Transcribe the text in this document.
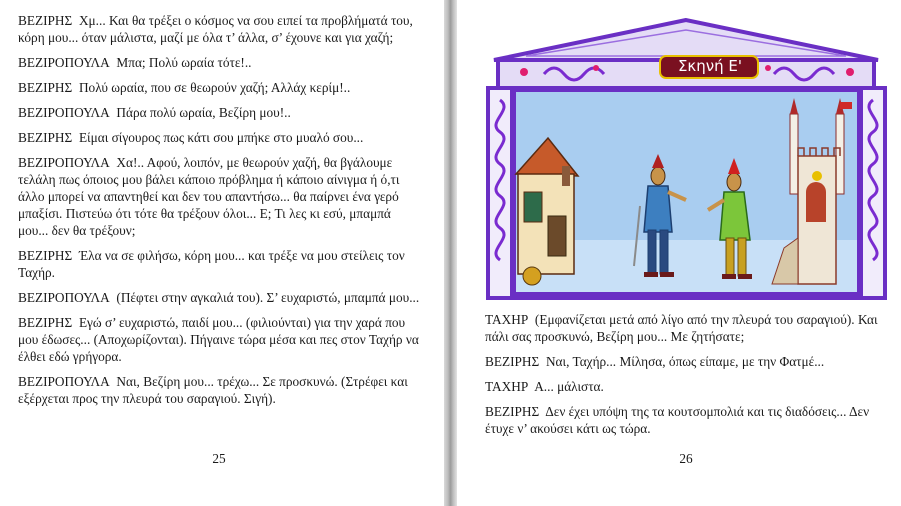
ΒΕΖΙΡΗΣ Χμ... Και θα τρέξει ο κόσμος να σου ειπεί τα προβλήματά του, κόρη μου... όταν μάλιστα, μαζί με όλα τ’ άλλα, σ’ έχουνε και για χαζή;

ΒΕΖΙΡΟΠΟΥΛΑ Μπα; Πολύ ωραία τότε!..

ΒΕΖΙΡΗΣ Πολύ ωραία, που σε θεωρούν χαζή; Αλλάχ κερίμ!..

ΒΕΖΙΡΟΠΟΥΛΑ Πάρα πολύ ωραία, Βεζίρη μου!..

ΒΕΖΙΡΗΣ Είμαι σίγουρος πως κάτι σου μπήκε στο μυαλό σου...

ΒΕΖΙΡΟΠΟΥΛΑ Χα!.. Αφού, λοιπόν, με θεωρούν χαζή, θα βγάλουμε τελάλη πως όποιος μου βάλει κάποιο πρόβλημα ή κάποιο αίνιγμα ή ό,τι άλλο μπορεί να απαντηθεί και δεν του απαντήσω... θα παίρνει ένα γερό μπαξίσι. Πιστεύω ότι τότε θα τρέξουν όλοι... Ε; Τι λες κι εσύ, μπαμπά μου... δεν θα τρέξουν;

ΒΕΖΙΡΗΣ Έλα να σε φιλήσω, κόρη μου... και τρέξε να μου στείλεις τον Ταχήρ.

ΒΕΖΙΡΟΠΟΥΛΑ (Πέφτει στην αγκαλιά του). Σ’ ευχαριστώ, μπαμπά μου...

ΒΕΖΙΡΗΣ Εγώ σ’ ευχαριστώ, παιδί μου... (φιλιούνται) για την χαρά που μου έδωσες... (Αποχωρίζονται). Πήγαινε τώρα μέσα και πες στον Ταχήρ να έλθει εδώ γρήγορα.

ΒΕΖΙΡΟΠΟΥΛΑ Ναι, Βεζίρη μου... τρέχω... Σε προσκυνώ. (Στρέφει και εξέρχεται προς την πλευρά του σαραγιού. Σιγή).

25
Σκηνή Ε'

ΤΑΧΗΡ (Εμφανίζεται μετά από λίγο από την πλευρά του σαραγιού). Και πάλι σας προσκυνώ, Βεζίρη μου... Με ζητήσατε;

ΒΕΖΙΡΗΣ Ναι, Ταχήρ... Μίλησα, όπως είπαμε, με την Φατμέ...

ΤΑΧΗΡ Α... μάλιστα.

ΒΕΖΙΡΗΣ Δεν έχει υπόψη της τα κουτσομπολιά και τις διαδόσεις... Δεν έτυχε ν’ ακούσει κάτι ως τώρα.

26
